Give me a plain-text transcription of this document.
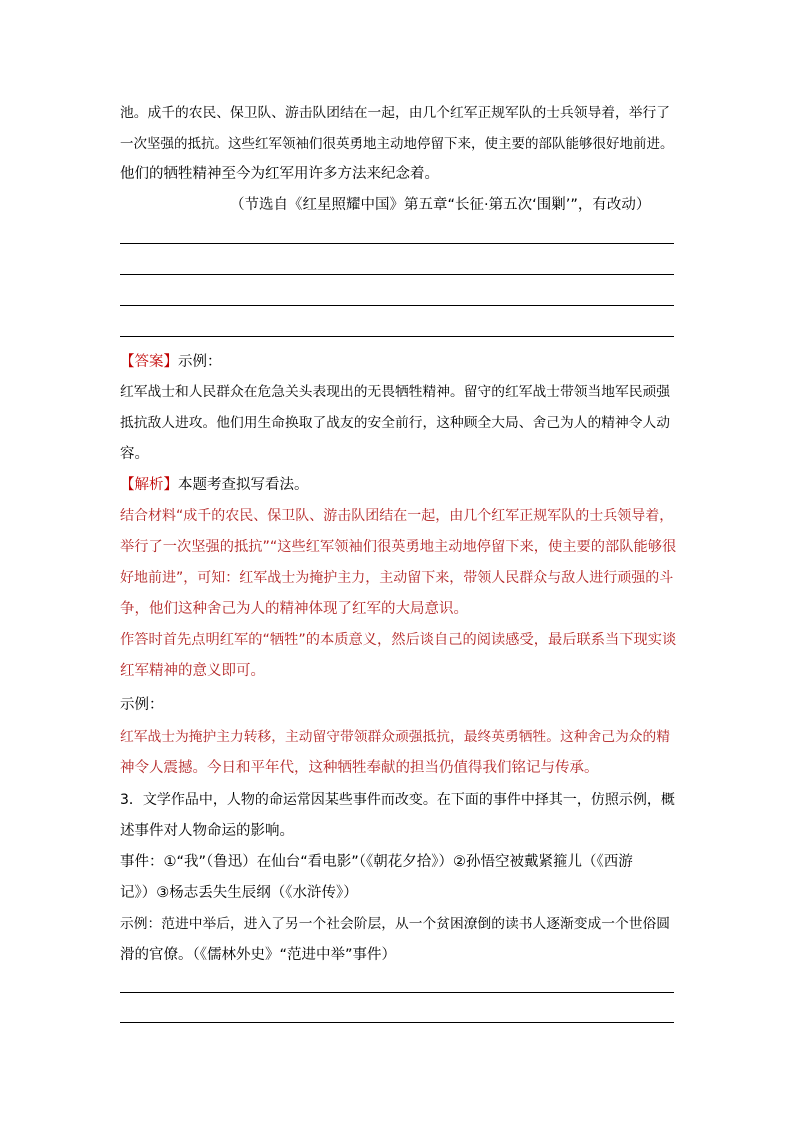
池。成千的农民、保卫队、游击队团结在一起，由几个红军正规军队的士兵领导着，举行了
一次坚强的抵抗。这些红军领袖们很英勇地主动地停留下来，使主要的部队能够很好地前进。
他们的牺牲精神至今为红军用许多方法来纪念着。
（节选自《红星照耀中国》第五章“长征·第五次‘围剿’”，有改动）
【答案】示例：
红军战士和人民群众在危急关头表现出的无畏牺牲精神。留守的红军战士带领当地军民顽强
抵抗敌人进攻。他们用生命换取了战友的安全前行，这种顾全大局、舍己为人的精神令人动
容。
【解析】本题考查拟写看法。
结合材料“成千的农民、保卫队、游击队团结在一起，由几个红军正规军队的士兵领导着，
举行了一次坚强的抵抗”“这些红军领袖们很英勇地主动地停留下来，使主要的部队能够很
好地前进”，可知：红军战士为掩护主力，主动留下来，带领人民群众与敌人进行顽强的斗
争，他们这种舍己为人的精神体现了红军的大局意识。
作答时首先点明红军的“牺牲”的本质意义，然后谈自己的阅读感受，最后联系当下现实谈
红军精神的意义即可。
示例：
红军战士为掩护主力转移，主动留守带领群众顽强抵抗，最终英勇牺牲。这种舍己为众的精
神令人震撼。今日和平年代，这种牺牲奉献的担当仍值得我们铭记与传承。
3．文学作品中，人物的命运常因某些事件而改变。在下面的事件中择其一，仿照示例，概
述事件对人物命运的影响。
事件：①“我”（鲁迅）在仙台“看电影”（《朝花夕拾》）②孙悟空被戴紧箍儿（《西游
记》）③杨志丢失生辰纲（《水浒传》）
示例：范进中举后，进入了另一个社会阶层，从一个贫困潦倒的读书人逐渐变成一个世俗圆
滑的官僚。（《儒林外史》“范进中举”事件）
